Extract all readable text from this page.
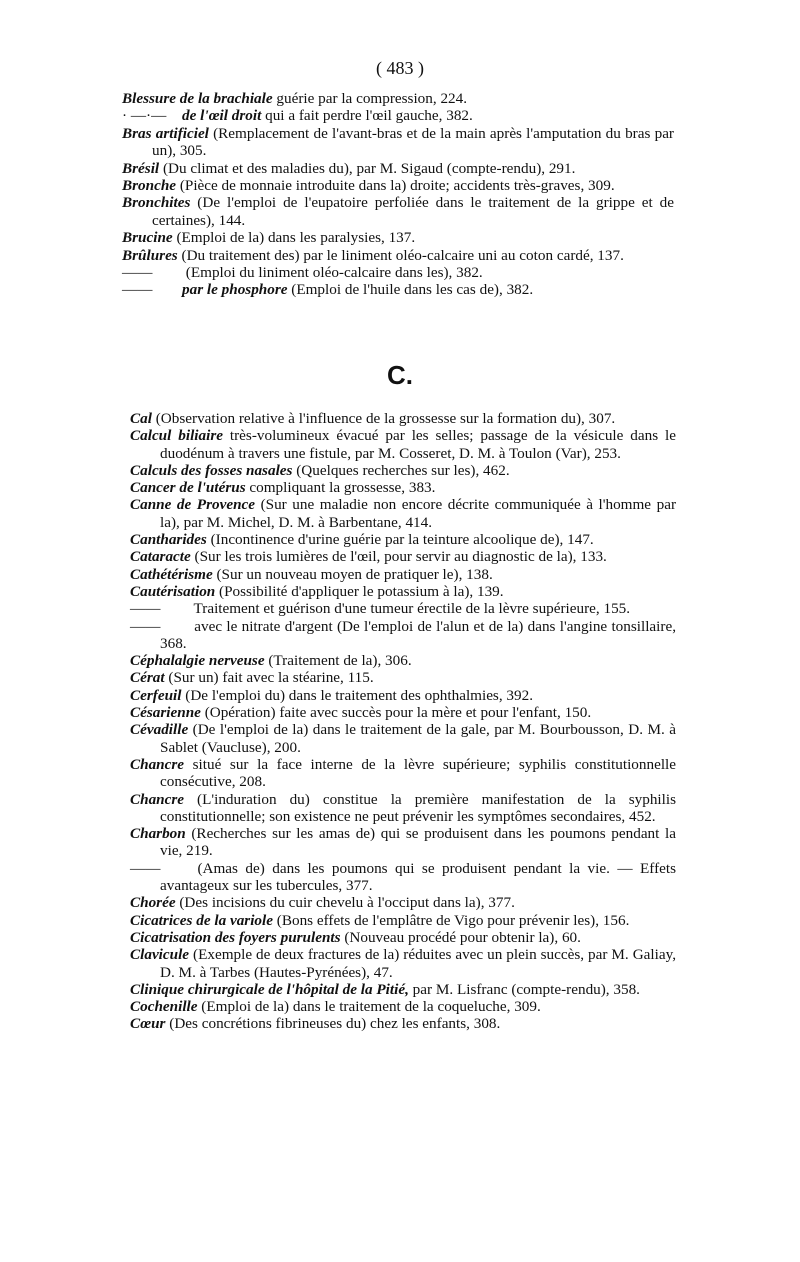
( 483 )
Blessure de la brachiale guérie par la compression, 224.
· —·— de l'œil droit qui a fait perdre l'œil gauche, 382.
Bras artificiel (Remplacement de l'avant-bras et de la main après l'amputation du bras par un), 305.
Brésil (Du climat et des maladies du), par M. Sigaud (compte-rendu), 291.
Bronche (Pièce de monnaie introduite dans la) droite; accidents très-graves, 309.
Bronchites (De l'emploi de l'eupatoire perfoliée dans le traitement de la grippe et de certaines), 144.
Brucine (Emploi de la) dans les paralysies, 137.
Brûlures (Du traitement des) par le liniment oléo-calcaire uni au coton cardé, 137.
—— (Emploi du liniment oléo-calcaire dans les), 382.
—— par le phosphore (Emploi de l'huile dans les cas de), 382.
C.
Cal (Observation relative à l'influence de la grossesse sur la formation du), 307.
Calcul biliaire très-volumineux évacué par les selles; passage de la vésicule dans le duodénum à travers une fistule, par M. Cosseret, D. M. à Toulon (Var), 253.
Calculs des fosses nasales (Quelques recherches sur les), 462.
Cancer de l'utérus compliquant la grossesse, 383.
Canne de Provence (Sur une maladie non encore décrite communiquée à l'homme par la), par M. Michel, D. M. à Barbentane, 414.
Cantharides (Incontinence d'urine guérie par la teinture alcoolique de), 147.
Cataracte (Sur les trois lumières de l'œil, pour servir au diagnostic de la), 133.
Cathétérisme (Sur un nouveau moyen de pratiquer le), 138.
Cautérisation (Possibilité d'appliquer le potassium à la), 139.
—— Traitement et guérison d'une tumeur érectile de la lèvre supérieure, 155.
—— avec le nitrate d'argent (De l'emploi de l'alun et de la) dans l'angine tonsillaire, 368.
Céphalalgie nerveuse (Traitement de la), 306.
Cérat (Sur un) fait avec la stéarine, 115.
Cerfeuil (De l'emploi du) dans le traitement des ophthalmies, 392.
Césarienne (Opération) faite avec succès pour la mère et pour l'enfant, 150.
Cévadille (De l'emploi de la) dans le traitement de la gale, par M. Bourbousson, D. M. à Sablet (Vaucluse), 200.
Chancre situé sur la face interne de la lèvre supérieure; syphilis constitutionnelle consécutive, 208.
Chancre (L'induration du) constitue la première manifestation de la syphilis constitutionnelle; son existence ne peut prévenir les symptômes secondaires, 452.
Charbon (Recherches sur les amas de) qui se produisent dans les poumons pendant la vie, 219.
—— (Amas de) dans les poumons qui se produisent pendant la vie. — Effets avantageux sur les tubercules, 377.
Chorée (Des incisions du cuir chevelu à l'occiput dans la), 377.
Cicatrices de la variole (Bons effets de l'emplâtre de Vigo pour prévenir les), 156.
Cicatrisation des foyers purulents (Nouveau procédé pour obtenir la), 60.
Clavicule (Exemple de deux fractures de la) réduites avec un plein succès, par M. Galiay, D. M. à Tarbes (Hautes-Pyrénées), 47.
Clinique chirurgicale de l'hôpital de la Pitié, par M. Lisfranc (compte-rendu), 358.
Cochenille (Emploi de la) dans le traitement de la coqueluche, 309.
Cœur (Des concrétions fibrineuses du) chez les enfants, 308.
